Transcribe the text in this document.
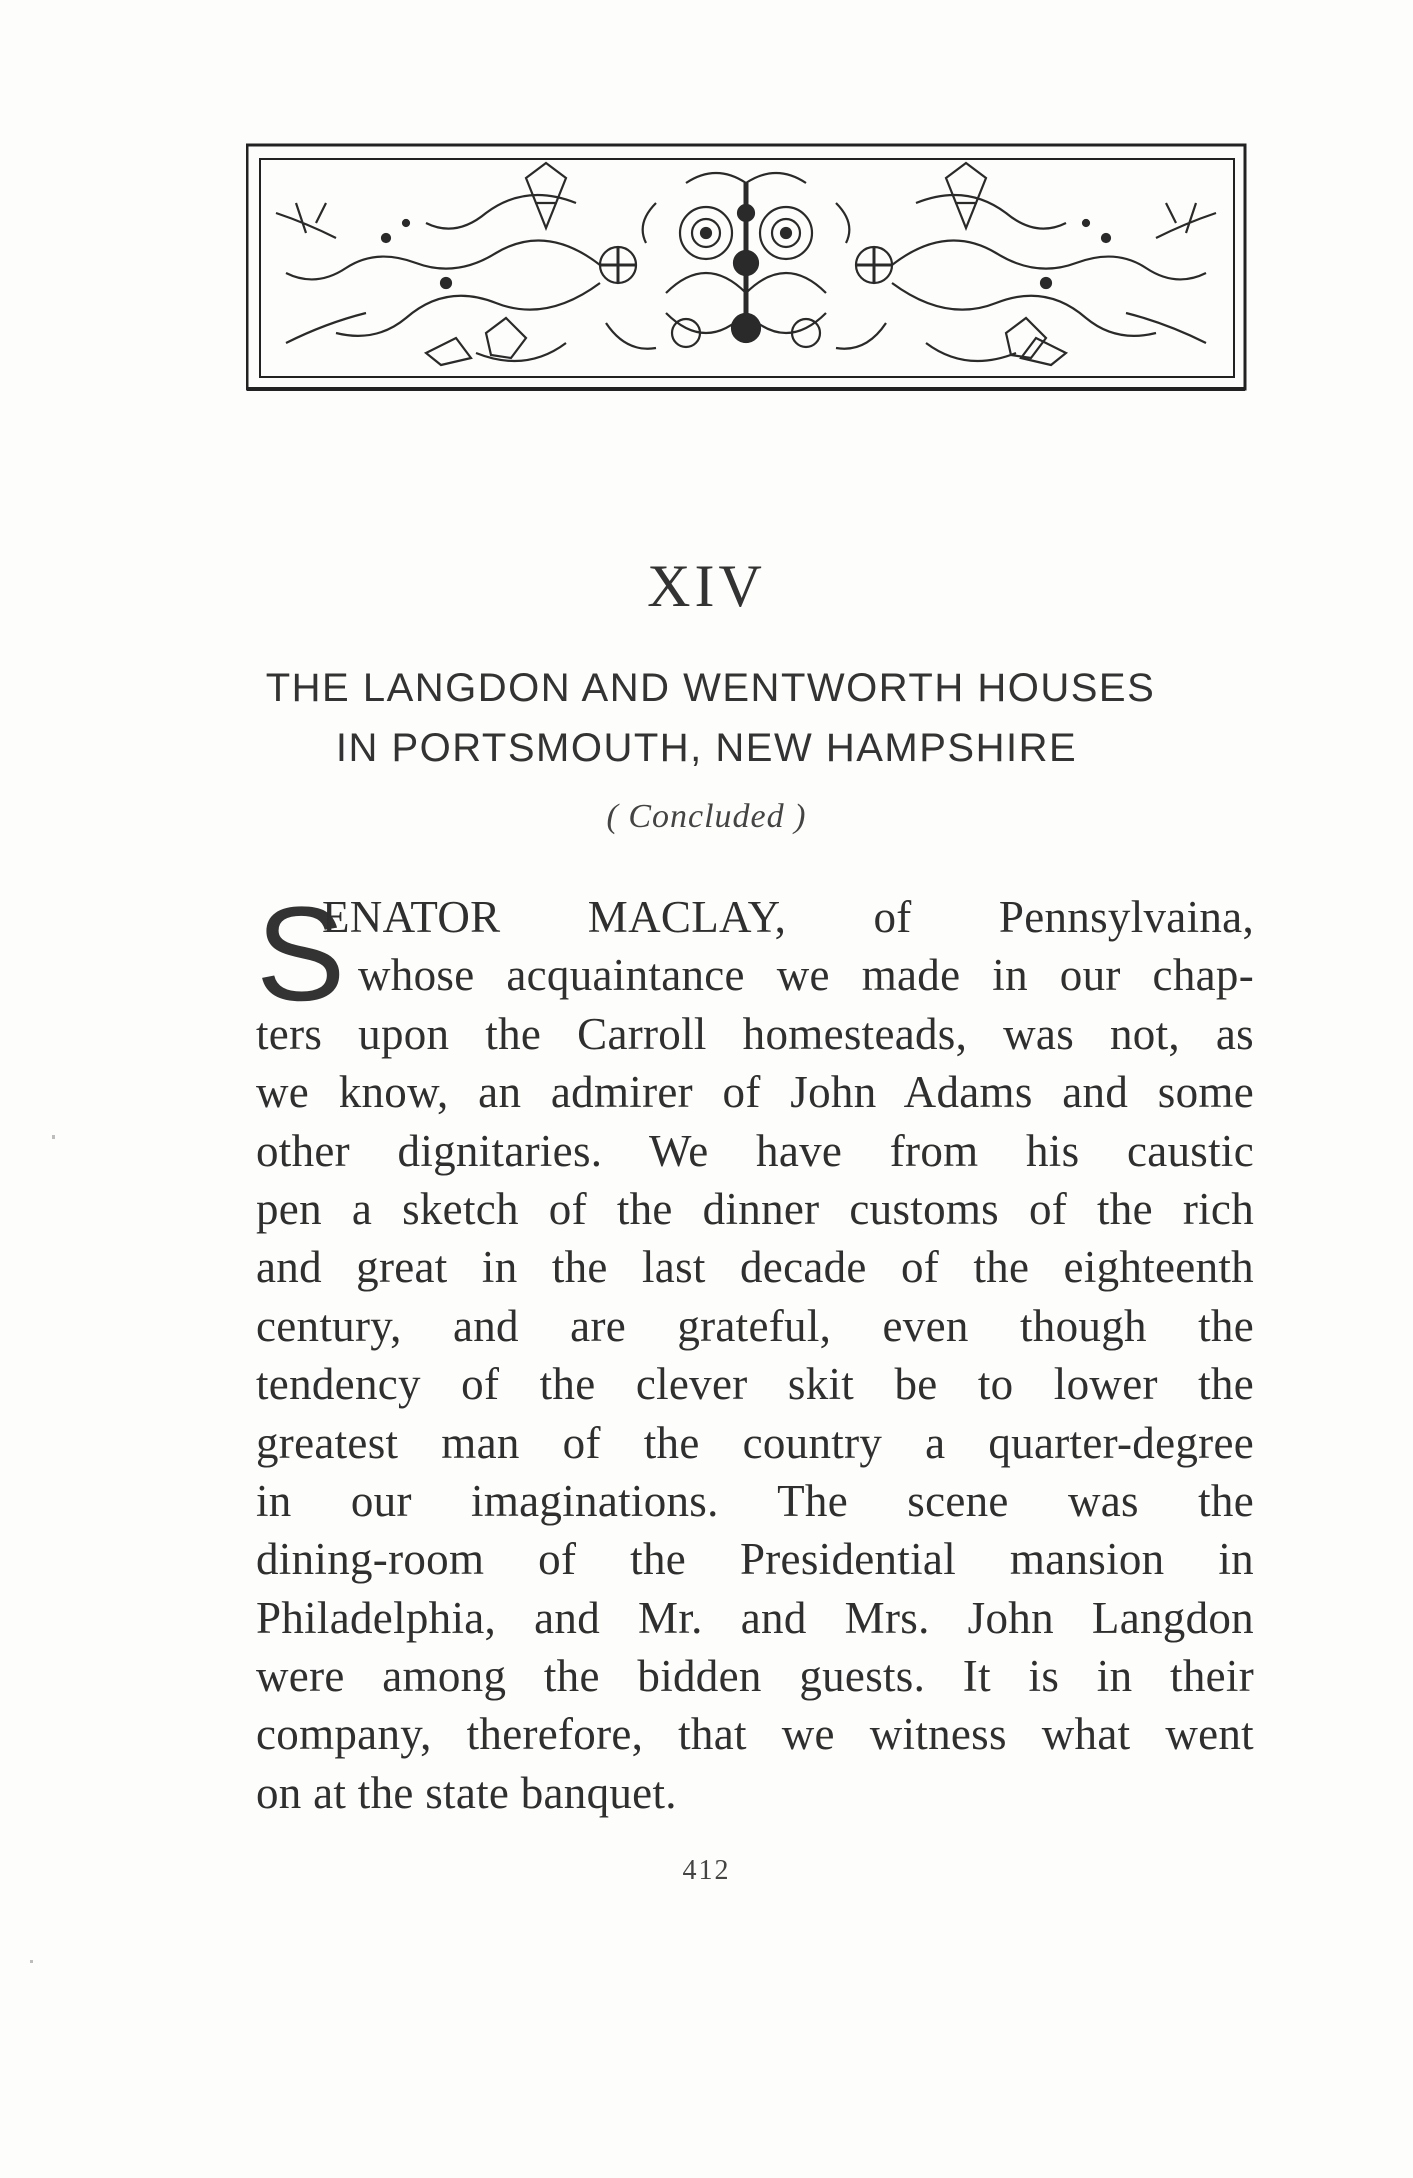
XIV
THE LANGDON AND WENTWORTH HOUSES
IN PORTSMOUTH, NEW HAMPSHIRE
( Concluded )
S
ENATOR MACLAY, of Pennsylvaina,
whose acquaintance we made in our chap-
ters upon the Carroll homesteads, was not, as
we know, an admirer of John Adams and some
other dignitaries. We have from his caustic
pen a sketch of the dinner customs of the rich
and great in the last decade of the eighteenth
century, and are grateful, even though the
tendency of the clever skit be to lower the
greatest man of the country a quarter-degree
in our imaginations. The scene was the
dining-room of the Presidential mansion in
Philadelphia, and Mr. and Mrs. John Langdon
were among the bidden guests. It is in their
company, therefore, that we witness what went
on at the state banquet.
412
